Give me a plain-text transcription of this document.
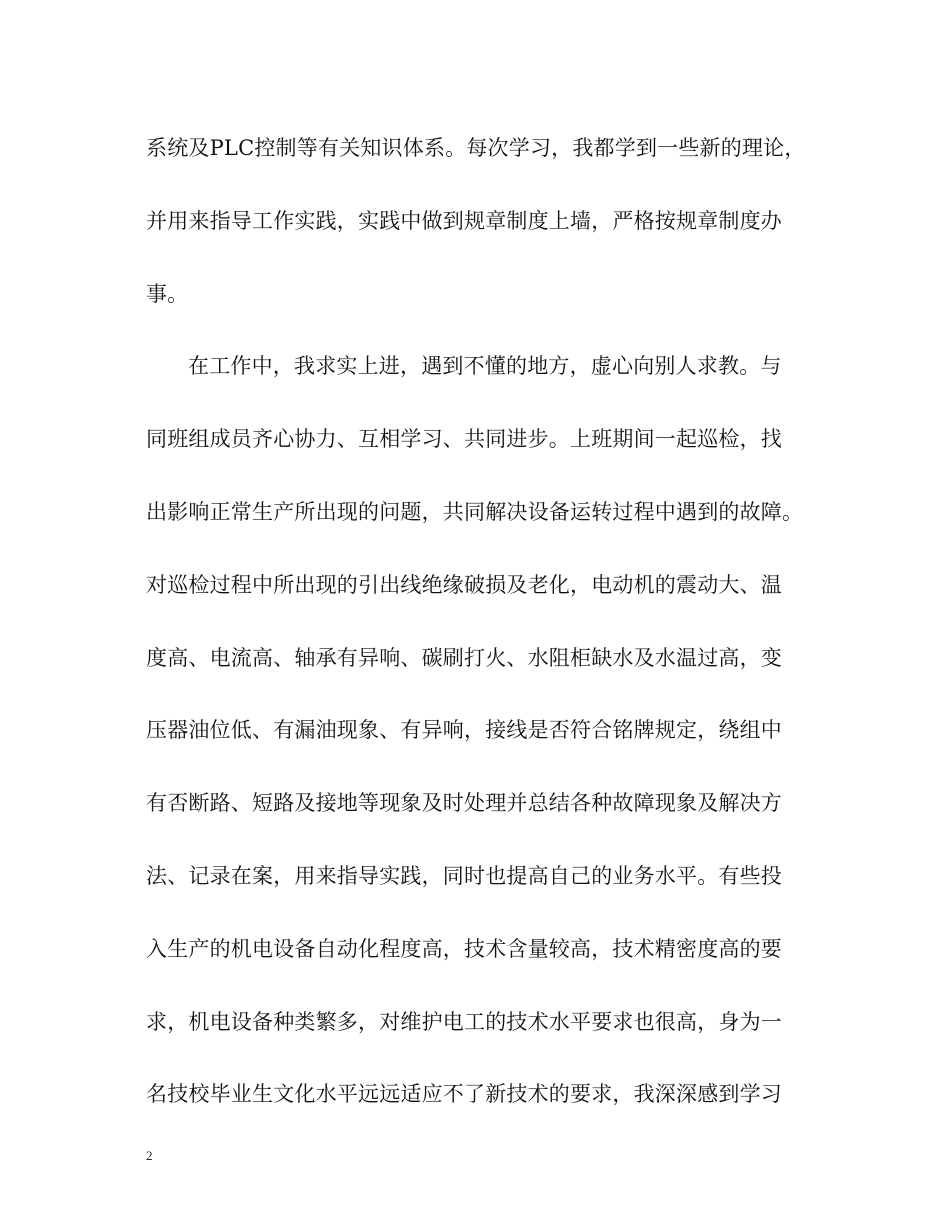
系统及PLC控制等有关知识体系。每次学习，我都学到一些新的理论，
并用来指导工作实践，实践中做到规章制度上墙，严格按规章制度办
事。
在工作中，我求实上进，遇到不懂的地方，虚心向别人求教。与
同班组成员齐心协力、互相学习、共同进步。上班期间一起巡检，找
出影响正常生产所出现的问题，共同解决设备运转过程中遇到的故障。
对巡检过程中所出现的引出线绝缘破损及老化，电动机的震动大、温
度高、电流高、轴承有异响、碳刷打火、水阻柜缺水及水温过高，变
压器油位低、有漏油现象、有异响，接线是否符合铭牌规定，绕组中
有否断路、短路及接地等现象及时处理并总结各种故障现象及解决方
法、记录在案，用来指导实践，同时也提高自己的业务水平。有些投
入生产的机电设备自动化程度高，技术含量较高，技术精密度高的要
求，机电设备种类繁多，对维护电工的技术水平要求也很高，身为一
名技校毕业生文化水平远远适应不了新技术的要求，我深深感到学习
2
